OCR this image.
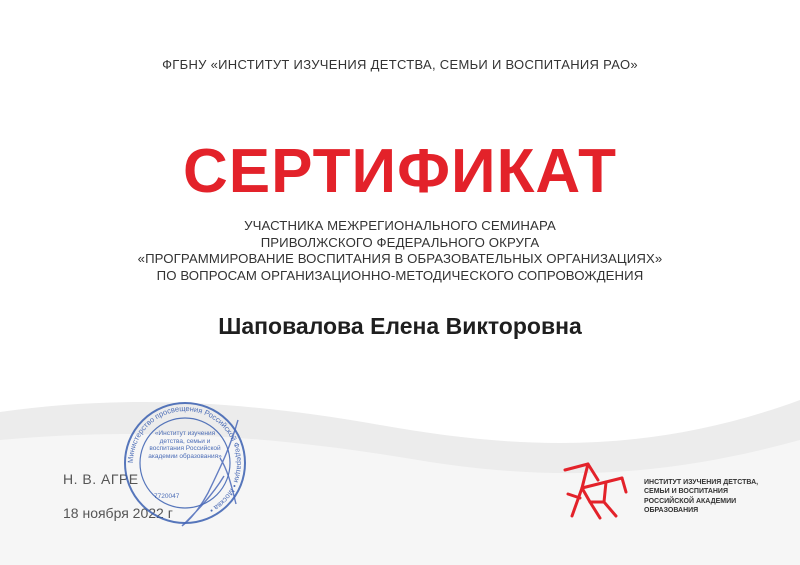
ФГБНУ «ИНСТИТУТ ИЗУЧЕНИЯ ДЕТСТВА, СЕМЬИ И ВОСПИТАНИЯ РАО»
СЕРТИФИКАТ
УЧАСТНИКА МЕЖРЕГИОНАЛЬНОГО СЕМИНАРА
ПРИВОЛЖСКОГО ФЕДЕРАЛЬНОГО ОКРУГА
«ПРОГРАММИРОВАНИЕ ВОСПИТАНИЯ В ОБРАЗОВАТЕЛЬНЫХ ОРГАНИЗАЦИЯХ»
ПО ВОПРОСАМ ОРГАНИЗАЦИОННО-МЕТОДИЧЕСКОГО СОПРОВОЖДЕНИЯ
Шаповалова Елена Викторовна
Н. В. АГРЕ
18 ноября 2022 г
Министерство просвещения Российской Федерации • Москва •
«Институт изучения детства, семьи и воспитания Российской академии образования»
7720047
ИНСТИТУТ ИЗУЧЕНИЯ ДЕТСТВА,
СЕМЬИ И ВОСПИТАНИЯ
РОССИЙСКОЙ АКАДЕМИИ
ОБРАЗОВАНИЯ
